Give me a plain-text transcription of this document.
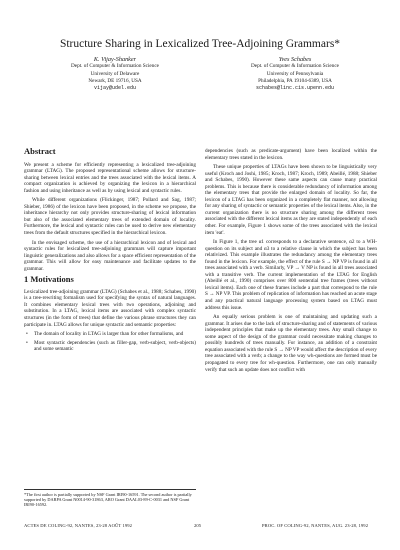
Structure Sharing in Lexicalized Tree-Adjoining Grammars*
K. Vijay-Shanker
Dept. of Computer & Information Science
University of Delaware
Newark, DE 19716, USA
vijay@udel.edu
Yves Schabes
Dept. of Computer & Information Science
University of Pennsylvania
Philadelphia, PA 19104-6389, USA
schabes@linc.cis.upenn.edu
Abstract

We present a scheme for efficiently representing a lexicalized tree-adjoining grammar (LTAG). The proposed representational scheme allows for structure-sharing between lexical entries and the trees associated with the lexical items. A compact organization is achieved by organizing the lexicon in a hierarchical fashion and using inheritance as well as by using lexical and syntactic rules.

While different organizations (Flickinger, 1987; Pollard and Sag, 1987; Shieber, 1986) of the lexicon have been proposed, in the scheme we propose, the inheritance hierarchy not only provides structure-sharing of lexical information but also of the associated elementary trees of extended domain of locality. Furthermore, the lexical and syntactic rules can be used to derive new elementary trees from the default structures specified in the hierarchical lexicon.

In the envisaged scheme, the use of a hierarchical lexicon and of lexical and syntactic rules for lexicalized tree-adjoining grammars will capture important linguistic generalizations and also allows for a space efficient representation of the grammar. This will allow for easy maintenance and facilitate updates to the grammar.

1 Motivations

Lexicalized tree-adjoining grammar (LTAG) (Schabes et al., 1988; Schabes, 1990) is a tree-rewriting formalism used for specifying the syntax of natural languages. It combines elementary lexical trees with two operations, adjoining and substitution. In a LTAG, lexical items are associated with complex syntactic structures (in the form of trees) that define the various phrase structures they can participate in. LTAG allows for unique syntactic and semantic properties:

• The domain of locality in LTAG is larger than for other formalisms, and
• Most syntactic dependencies (such as filler-gap, verb-subject, verb-objects) and some semantic
*The first author is partially supported by NSF Grant IRI90-16591. The second author is partially supported by DARPA Grant N0014-90-31863, ARO Grant DAAL03-89-C-0031 and NSF Grant IRI90-16592.

dependencies (such as predicate-argument) have been localized within the elementary trees stated in the lexicon.

These unique properties of LTAGs have been shown to be linguistically very useful (Kroch and Joshi, 1985; Kroch, 1987; Kroch, 1989; Abeillé, 1988; Shieber and Schabes, 1990). However these same aspects can cause many practical problems. This is because there is considerable redundancy of information among the elementary trees that provide the enlarged domain of locality. So far, the lexicon of a LTAG has been organized in a completely flat manner, not allowing for any sharing of syntactic or semantic properties of the lexical items. Also, in the current organization there is no structure sharing among the different trees associated with the different lexical items as they are stated independently of each other. For example, Figure 1 shows some of the trees associated with the lexical item 'eat'.

In Figure 1, the tree α1 corresponds to a declarative sentence, α2 to a WH-question on its subject and α3 to a relative clause in which the subject has been relativized. This example illustrates the redundancy among the elementary trees found in the lexicon. For example, the effect of the rule S → NP VP is found in all trees associated with a verb. Similarly, VP → V NP is found in all trees associated with a transitive verb. The current implementation of the LTAG for English (Abeillé et al., 1990) comprises over 800 sentential tree frames (trees without lexical items). Each one of these frames include a part that correspond to the rule S → NP VP. This problem of replication of information has reached an acute stage and any practical natural language processing system based on LTAG must address this issue.

An equally serious problem is one of maintaining and updating such a grammar. It arises due to the lack of structure-sharing and of statements of various independent principles that make up the elementary trees. Any small change to some aspect of the design of the grammar could necessitate making changes to possibly hundreds of trees manually. For instance, an addition of a constraint equation associated with the rule S → NP VP would affect the description of every tree associated with a verb; a change to the way wh-questions are formed must be propagated to every tree for wh-question. Furthermore, one can only manually verify that such an update does not conflict with

ACTES DE COLING-92, NANTES, 23-28 AOÛT 1992	205	PROC. OF COLING-92, NANTES, AUG. 23-28, 1992
